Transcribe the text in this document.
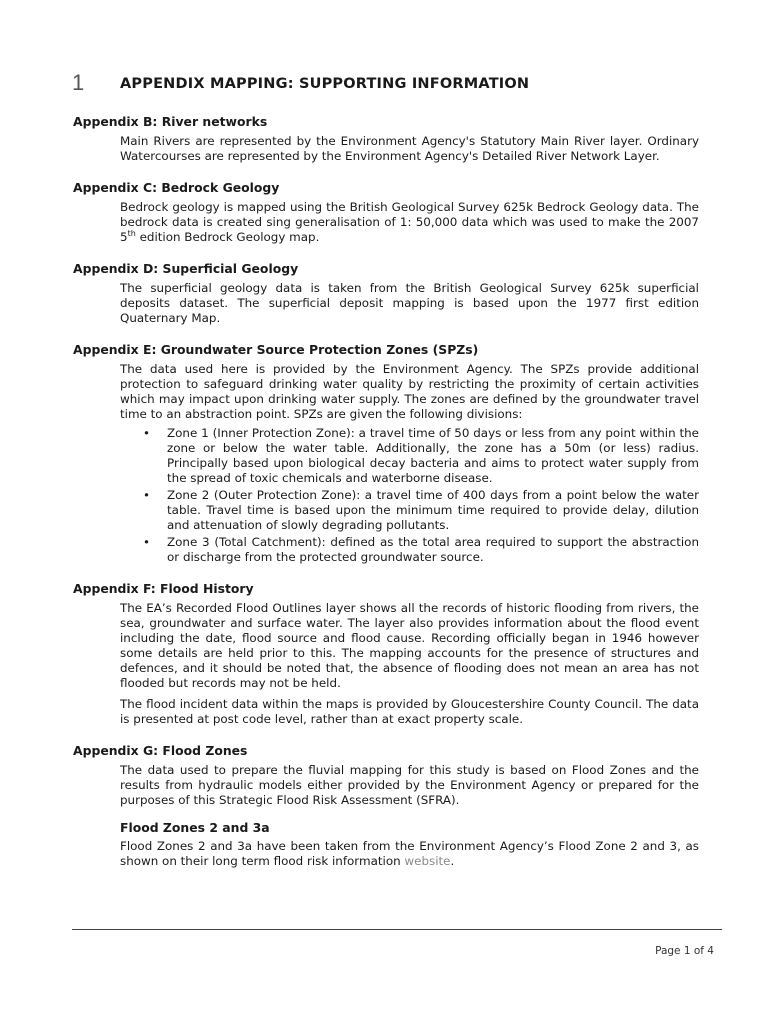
1 APPENDIX MAPPING: SUPPORTING INFORMATION

Appendix B: River networks

Main Rivers are represented by the Environment Agency's Statutory Main River layer. Ordinary Watercourses are represented by the Environment Agency's Detailed River Network Layer.

Appendix C: Bedrock Geology

Bedrock geology is mapped using the British Geological Survey 625k Bedrock Geology data. The bedrock data is created sing generalisation of 1: 50,000 data which was used to make the 2007 5th edition Bedrock Geology map.

Appendix D: Superficial Geology

The superficial geology data is taken from the British Geological Survey 625k superficial deposits dataset. The superficial deposit mapping is based upon the 1977 first edition Quaternary Map.

Appendix E: Groundwater Source Protection Zones (SPZs)

The data used here is provided by the Environment Agency. The SPZs provide additional protection to safeguard drinking water quality by restricting the proximity of certain activities which may impact upon drinking water supply. The zones are defined by the groundwater travel time to an abstraction point. SPZs are given the following divisions:

• Zone 1 (Inner Protection Zone): a travel time of 50 days or less from any point within the zone or below the water table. Additionally, the zone has a 50m (or less) radius. Principally based upon biological decay bacteria and aims to protect water supply from the spread of toxic chemicals and waterborne disease.
• Zone 2 (Outer Protection Zone): a travel time of 400 days from a point below the water table. Travel time is based upon the minimum time required to provide delay, dilution and attenuation of slowly degrading pollutants.
• Zone 3 (Total Catchment): defined as the total area required to support the abstraction or discharge from the protected groundwater source.

Appendix F: Flood History

The EA’s Recorded Flood Outlines layer shows all the records of historic flooding from rivers, the sea, groundwater and surface water. The layer also provides information about the flood event including the date, flood source and flood cause. Recording officially began in 1946 however some details are held prior to this. The mapping accounts for the presence of structures and defences, and it should be noted that, the absence of flooding does not mean an area has not flooded but records may not be held.

The flood incident data within the maps is provided by Gloucestershire County Council. The data is presented at post code level, rather than at exact property scale.

Appendix G: Flood Zones

The data used to prepare the fluvial mapping for this study is based on Flood Zones and the results from hydraulic models either provided by the Environment Agency or prepared for the purposes of this Strategic Flood Risk Assessment (SFRA).

Flood Zones 2 and 3a

Flood Zones 2 and 3a have been taken from the Environment Agency’s Flood Zone 2 and 3, as shown on their long term flood risk information website.

Page 1 of 4
